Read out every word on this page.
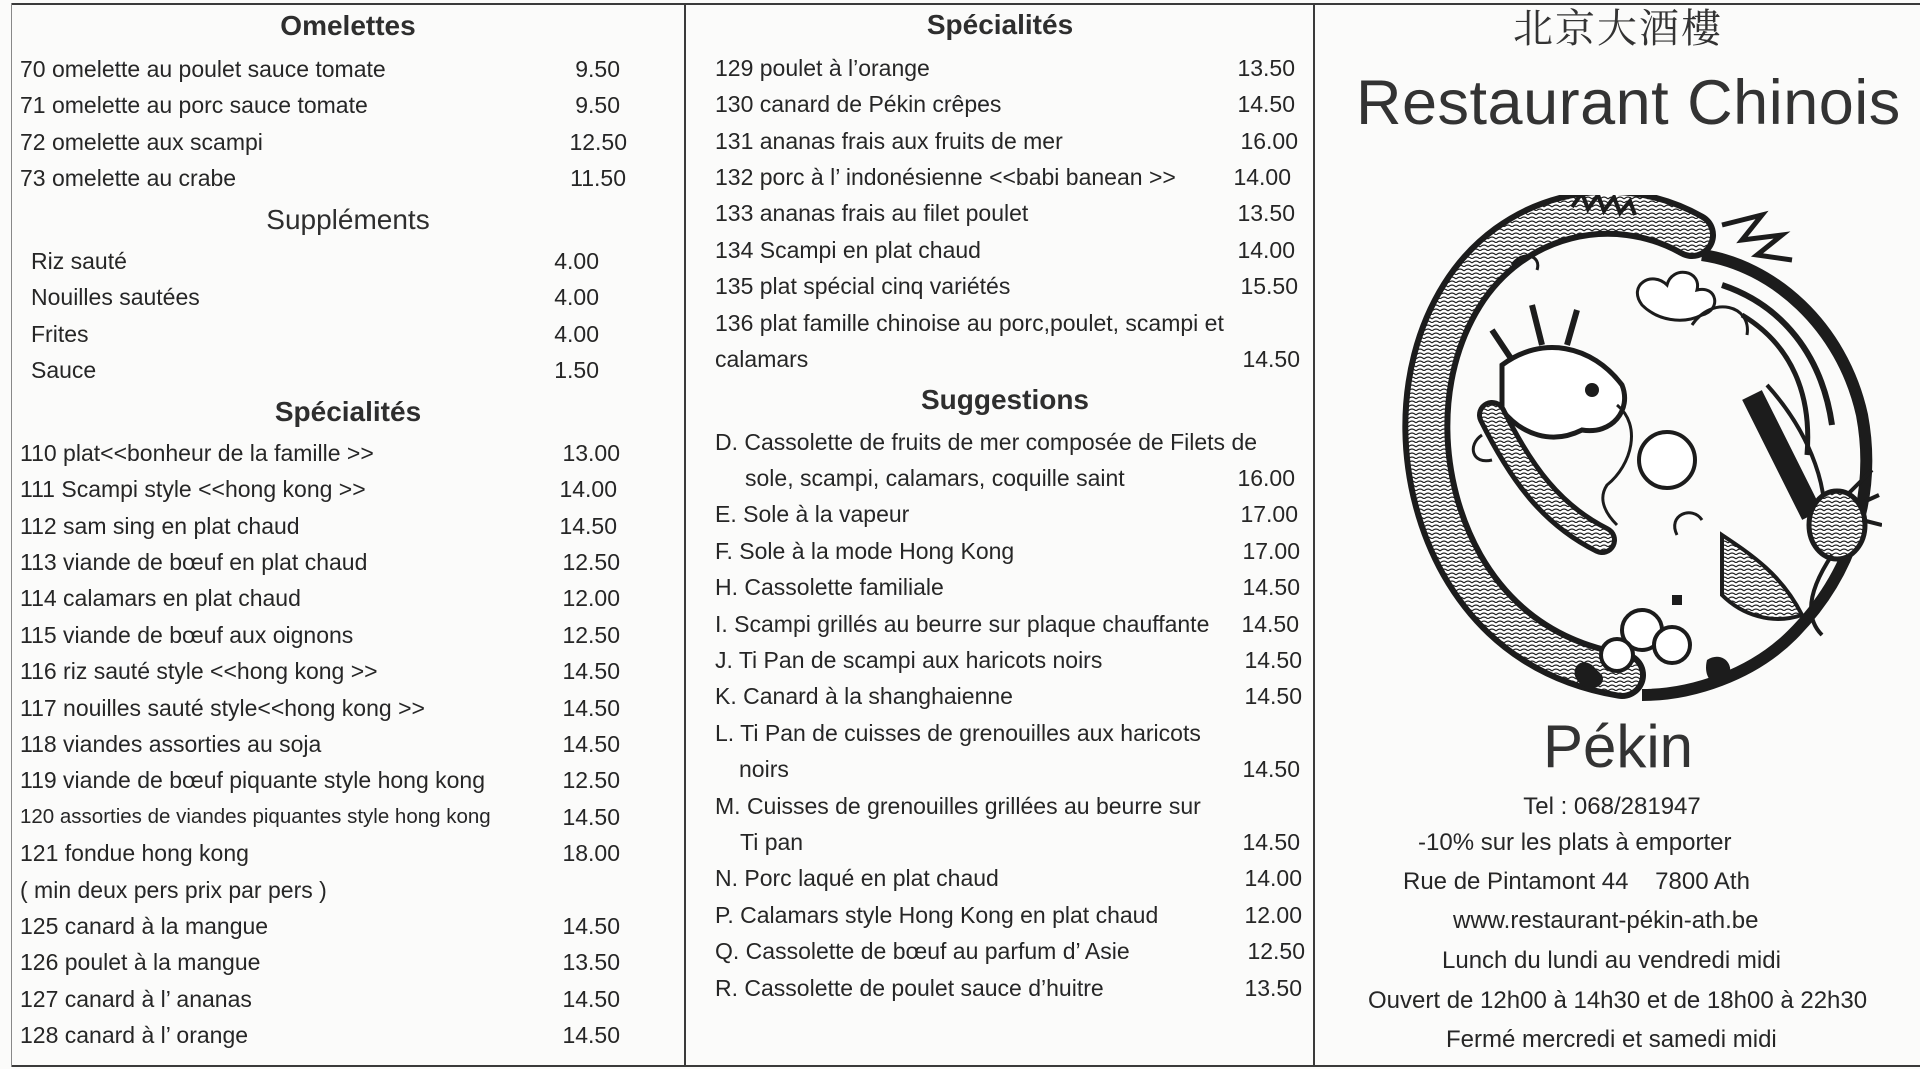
Omelettes
70 omelette au poulet sauce tomate	9.50
71 omelette au porc sauce tomate	9.50
72 omelette aux scampi	12.50
73 omelette au crabe	11.50
Suppléments
Riz sauté	4.00
Nouilles sautées	4.00
Frites	4.00
Sauce	1.50
Spécialités
110 plat<<bonheur de la famille >>	13.00
111 Scampi style <<hong kong >>	14.00
112 sam sing en plat chaud	14.50
113 viande de bœuf en plat chaud	12.50
114 calamars en plat chaud	12.00
115 viande de bœuf aux oignons	12.50
116 riz sauté style <<hong kong >>	14.50
117 nouilles sauté style<<hong kong >>	14.50
118 viandes assorties au soja	14.50
119 viande de bœuf piquante style hong kong	12.50
120 assorties de viandes piquantes style hong kong	14.50
121 fondue hong kong	18.00
( min deux pers prix par pers )
125 canard à la mangue	14.50
126 poulet à la mangue	13.50
127 canard à l’ ananas	14.50
128 canard à l’ orange	14.50
Spécialités
129 poulet à l’orange	13.50
130 canard de Pékin crêpes	14.50
131 ananas frais aux fruits de mer	16.00
132 porc à l’ indonésienne <<babi banean >>	14.00
133 ananas frais au filet poulet	13.50
134 Scampi en plat chaud	14.00
135 plat spécial cinq variétés	15.50
136 plat famille chinoise au porc,poulet, scampi et
calamars	14.50
Suggestions
D. Cassolette de fruits de mer composée de Filets de
sole, scampi, calamars, coquille saint	16.00
E. Sole à la vapeur	17.00
F. Sole à la mode Hong Kong	17.00
H. Cassolette familiale	14.50
I. Scampi grillés au beurre sur plaque chauffante	14.50
J. Ti Pan de scampi aux haricots noirs	14.50
K. Canard à la shanghaienne	14.50
L. Ti Pan de cuisses de grenouilles aux haricots
noirs	14.50
M. Cuisses de grenouilles grillées au beurre sur
Ti pan	14.50
N. Porc laqué en plat chaud	14.00
P. Calamars style Hong Kong en plat chaud	12.00
Q. Cassolette de bœuf au parfum d’ Asie	12.50
R. Cassolette de poulet sauce d’huitre	13.50
北京大酒樓
Restaurant Chinois
Pékin
Tel : 068/281947
-10% sur les plats à emporter
Rue de Pintamont 44    7800 Ath
www.restaurant-pékin-ath.be
Lunch du lundi au vendredi midi
Ouvert de 12h00 à 14h30 et de 18h00 à 22h30
Fermé mercredi et samedi midi
